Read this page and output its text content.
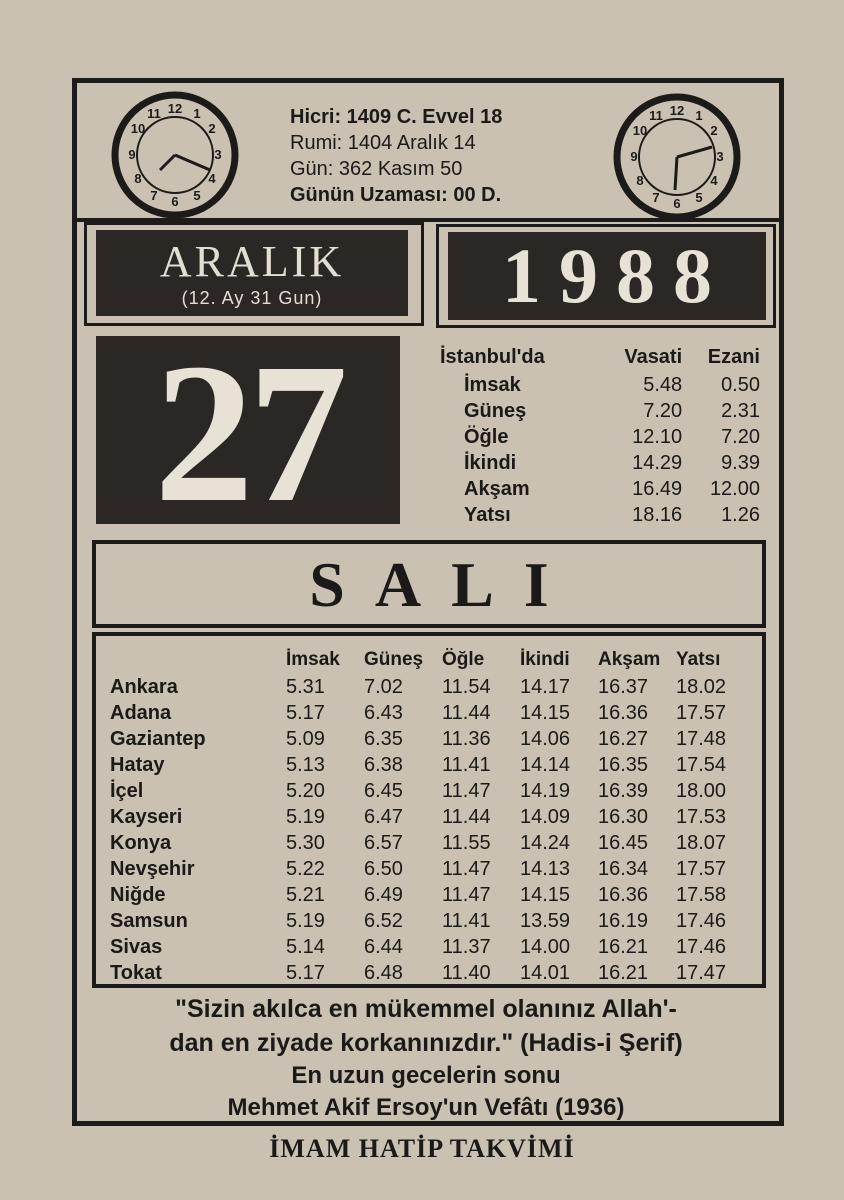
12 1
2
3
4
5
6
7
8
9
10
11	12 1
2
3
4
5
6
7
8
9
10
11
Hicri: 1409 C. Evvel 18
Rumi: 1404 Aralık 14
Gün: 362 Kasım 50
Günün Uzaması: 00 D.
ARALIK
(12. Ay 31 Gun)	1988
27	İstanbul'da	Vasati	Ezani
İmsak	5.48	0.50
Güneş	7.20	2.31
Öğle	12.10	7.20
İkindi	14.29	9.39
Akşam	16.49	12.00
Yatsı	18.16	1.26
SALI
	İmsak	Güneş	Öğle	İkindi	Akşam	Yatsı
Ankara	5.31	7.02	11.54	14.17	16.37	18.02
Adana	5.17	6.43	11.44	14.15	16.36	17.57
Gaziantep	5.09	6.35	11.36	14.06	16.27	17.48
Hatay	5.13	6.38	11.41	14.14	16.35	17.54
İçel	5.20	6.45	11.47	14.19	16.39	18.00
Kayseri	5.19	6.47	11.44	14.09	16.30	17.53
Konya	5.30	6.57	11.55	14.24	16.45	18.07
Nevşehir	5.22	6.50	11.47	14.13	16.34	17.57
Niğde	5.21	6.49	11.47	14.15	16.36	17.58
Samsun	5.19	6.52	11.41	13.59	16.19	17.46
Sivas	5.14	6.44	11.37	14.00	16.21	17.46
Tokat	5.17	6.48	11.40	14.01	16.21	17.47
"Sizin akılca en mükemmel olanınız Allah'-
dan en ziyade korkanınızdır." (Hadis-i Şerif)
En uzun gecelerin sonu
Mehmet Akif Ersoy'un Vefâtı (1936)
İMAM HATİP TAKVİMİ
